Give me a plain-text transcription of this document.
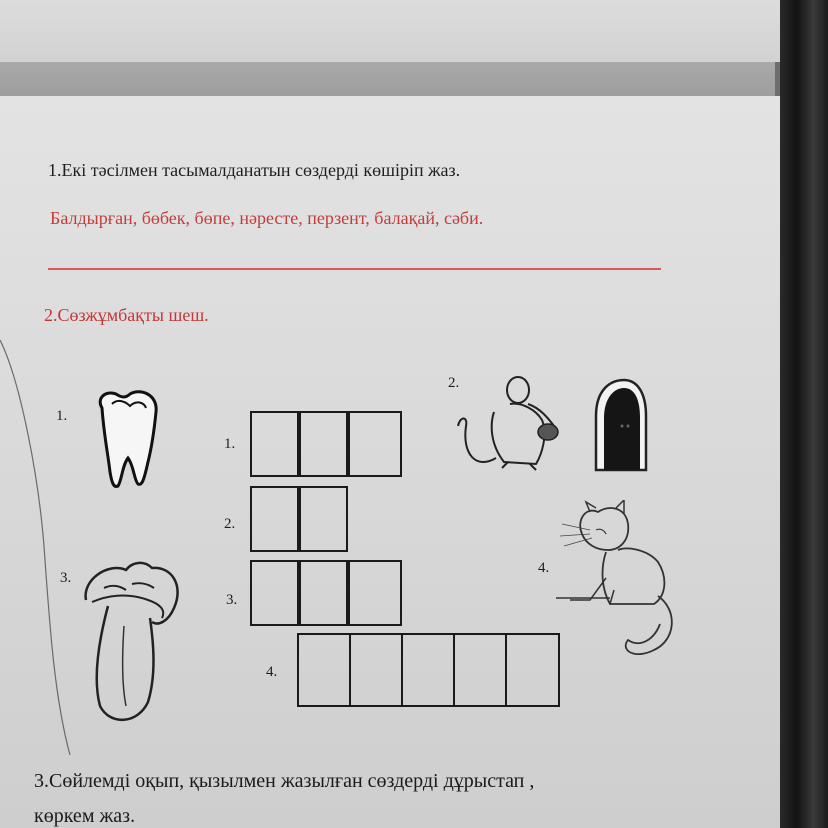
1.Екі тәсілмен тасымалданатын сөздерді көшіріп жаз.
Балдырған, бөбек, бөпе, нәресте, перзент, балақай, сәби.
2.Сөзжұмбақты шеш.
1.
2.
3.
4.
1.
2.
3.
4.
3.Сөйлемді оқып, қызылмен жазылған сөздерді дұрыстап ,
көркем жаз.
